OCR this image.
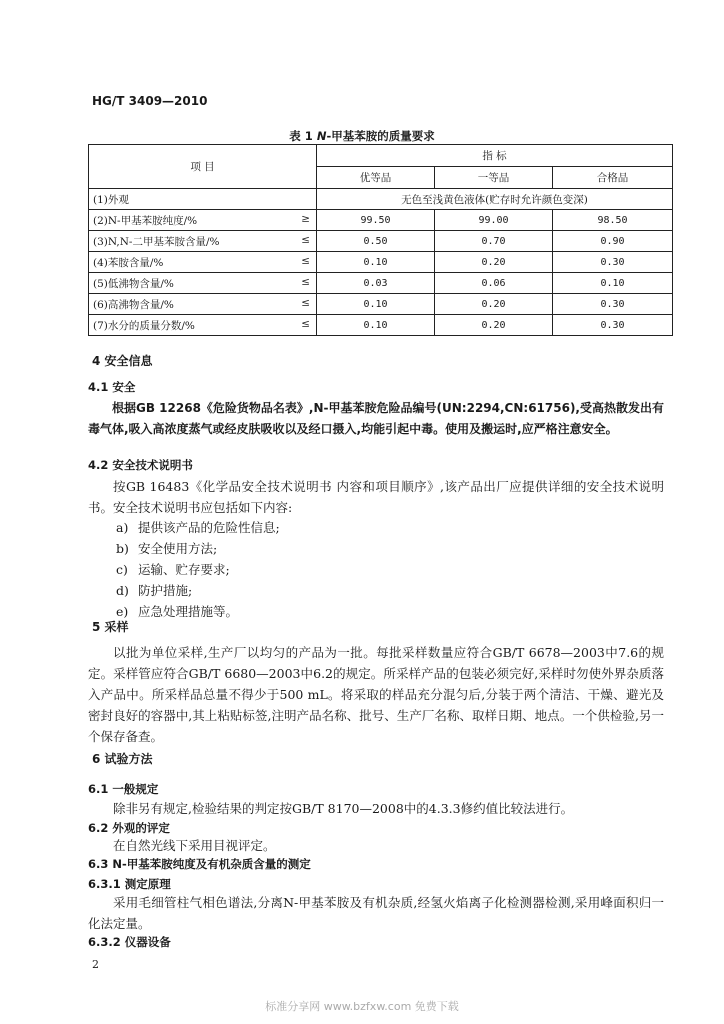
HG/T 3409—2010
表 1 N-甲基苯胺的质量要求
项 目	指 标		
	优等品	一等品	合格品
(1)外观	无色至浅黄色液体(贮存时允许颜色变深)		
(2)N-甲基苯胺纯度/% ≥	99.50	99.00	98.50
(3)N,N-二甲基苯胺含量/% ≤	0.50	0.70	0.90
(4)苯胺含量/% ≤	0.10	0.20	0.30
(5)低沸物含量/% ≤	0.03	0.06	0.10
(6)高沸物含量/% ≤	0.10	0.20	0.30
(7)水分的质量分数/% ≤	0.10	0.20	0.30
4 安全信息
4.1 安全
根据GB 12268《危险货物品名表》,N-甲基苯胺危险品编号(UN:2294,CN:61756),受高热散发出有毒气体,吸入高浓度蒸气或经皮肤吸收以及经口摄入,均能引起中毒。使用及搬运时,应严格注意安全。
4.2 安全技术说明书
按GB 16483《化学品安全技术说明书 内容和项目顺序》,该产品出厂应提供详细的安全技术说明书。安全技术说明书应包括如下内容:
a) 提供该产品的危险性信息;
b) 安全使用方法;
c) 运输、贮存要求;
d) 防护措施;
e) 应急处理措施等。
5 采样
以批为单位采样,生产厂以均匀的产品为一批。每批采样数量应符合GB/T 6678—2003中7.6的规定。采样管应符合GB/T 6680—2003中6.2的规定。所采样产品的包装必须完好,采样时勿使外界杂质落入产品中。所采样品总量不得少于500 mL。将采取的样品充分混匀后,分装于两个清洁、干燥、避光及密封良好的容器中,其上粘贴标签,注明产品名称、批号、生产厂名称、取样日期、地点。一个供检验,另一个保存备查。
6 试验方法
6.1 一般规定
除非另有规定,检验结果的判定按GB/T 8170—2008中的4.3.3修约值比较法进行。
6.2 外观的评定
在自然光线下采用目视评定。
6.3 N-甲基苯胺纯度及有机杂质含量的测定
6.3.1 测定原理
采用毛细管柱气相色谱法,分离N-甲基苯胺及有机杂质,经氢火焰离子化检测器检测,采用峰面积归一化法定量。
6.3.2 仪器设备
2
标准分享网 www.bzfxw.com 免费下载
